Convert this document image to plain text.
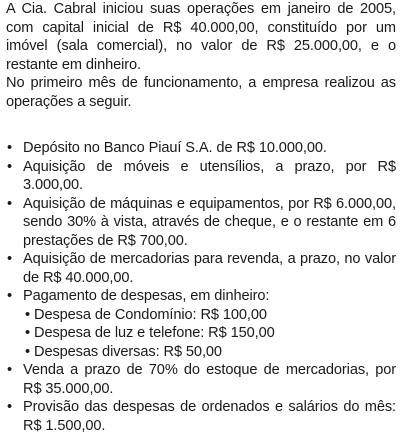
A Cia. Cabral iniciou suas operações em janeiro de 2005, com capital inicial de R$ 40.000,00, constituído por um imóvel (sala comercial), no valor de R$ 25.000,00, e o restante em dinheiro.

No primeiro mês de funcionamento, a empresa realizou as operações a seguir.

• Depósito no Banco Piauí S.A. de R$ 10.000,00.
• Aquisição de móveis e utensílios, a prazo, por R$ 3.000,00.
• Aquisição de máquinas e equipamentos, por R$ 6.000,00, sendo 30% à vista, através de cheque, e o restante em 6 prestações de R$ 700,00.
• Aquisição de mercadorias para revenda, a prazo, no valor de R$ 40.000,00.
• Pagamento de despesas, em dinheiro:
• Despesa de Condomínio: R$ 100,00
• Despesa de luz e telefone: R$ 150,00
• Despesas diversas: R$ 50,00
• Venda a prazo de 70% do estoque de mercadorias, por R$ 35.000,00.
• Provisão das despesas de ordenados e salários do mês: R$ 1.500,00.
